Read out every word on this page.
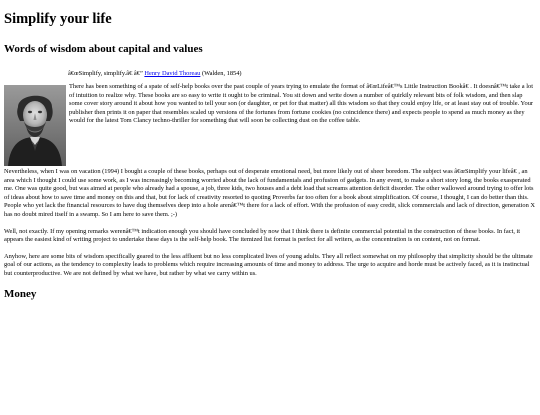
Simplify your life
Words of wisdom about capital and values
â€œSimplify, simplify.â€ â€” Henry David Thoreau (Walden, 1854)

There has been something of a spate of self-help books over the past couple of years trying to emulate the format of â€œLifeâ€™s Little Instruction Bookâ€ . It doesnâ€™t take a lot of intuition to realize why. These books are so easy to write it ought to be criminal. You sit down and write down a number of quirkily relevant bits of folk wisdom, and then slap some cover story around it about how you wanted to tell your son (or daughter, or pet for that matter) all this wisdom so that they could enjoy life, or at least stay out of trouble. Your publisher then prints it on paper that resembles scaled up versions of the fortunes from fortune cookies (no coincidence there) and expects people to spend as much money as they would for the latest Tom Clancy techno-thriller for something that will soon be collecting dust on the coffee table.

Nevertheless, when I was on vacation (1994) I bought a couple of these books, perhaps out of desperate emotional need, but more likely out of sheer boredom. The subject was â€œSimplify your lifeâ€ , an area which I thought I could use some work, as I was increasingly becoming worried about the lack of fundamentals and profusion of gadgets. In any event, to make a short story long, the books exasperated me. One was quite good, but was aimed at people who already had a spouse, a job, three kids, two houses and a debt load that screams attention deficit disorder. The other wallowed around trying to offer lots of ideas about how to save time and money on this and that, but for lack of creativity resorted to quoting Proverbs far too often for a book about simplification. Of course, I thought, I can do better than this. People who yet lack the financial resources to have dug themselves deep into a hole arenâ€™t there for a lack of effort. With the profusion of easy credit, slick commercials and lack of direction, generation X has no doubt mired itself in a swamp. So I am here to save them. ;-)

Well, not exactly. If my opening remarks werenâ€™t indication enough you should have concluded by now that I think there is definite commercial potential in the construction of these books. In fact, it appears the easiest kind of writing project to undertake these days is the self-help book. The itemized list format is perfect for all writers, as the concentration is on content, not on format.

Anyhow, here are some bits of wisdom specifically geared to the less affluent but no less complicated lives of young adults. They all reflect somewhat on my philosophy that simplicity should be the ultimate goal of our actions, as the tendency to complexity leads to problems which require increasing amounts of time and money to address. The urge to acquire and horde must be actively faced, as it is instinctual but counterproductive. We are not defined by what we have, but rather by what we carry within us.

Money
